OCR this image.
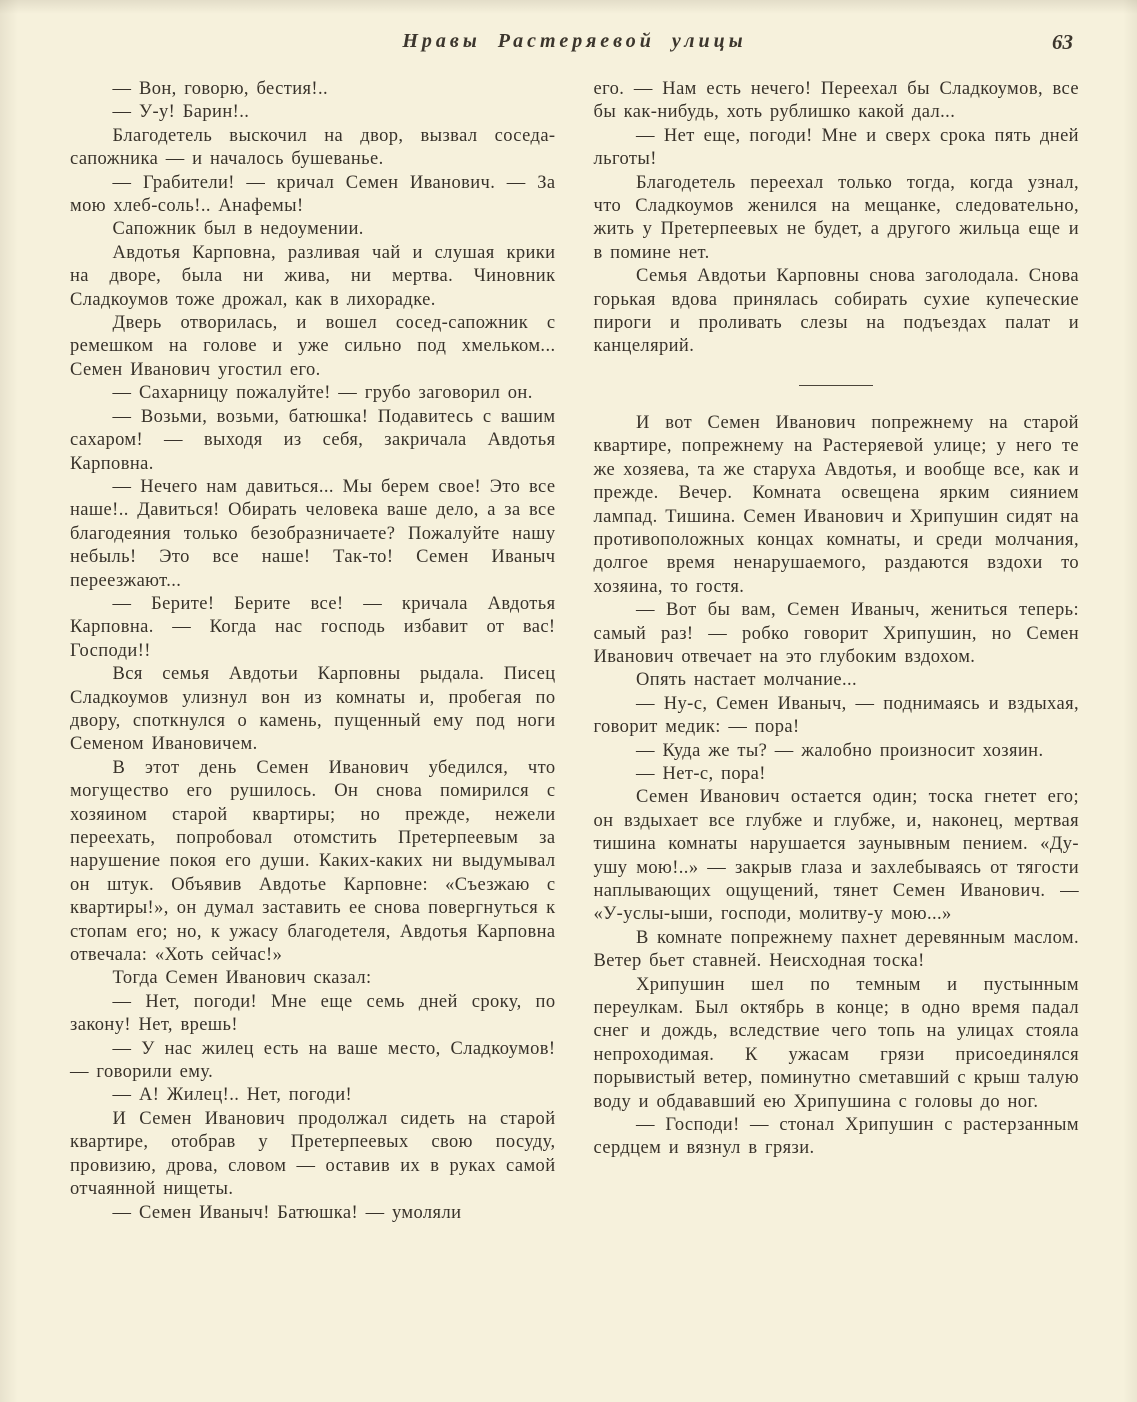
Нравы Растеряевой улицы	63

— Вон, говорю, бестия!..

— У-у! Барин!..

Благодетель выскочил на двор, вызвал соседа-сапожника — и началось бушеванье.

— Грабители! — кричал Семен Иванович. — За мою хлеб-соль!.. Анафемы!

Сапожник был в недоумении.

Авдотья Карповна, разливая чай и слушая крики на дворе, была ни жива, ни мертва. Чиновник Сладкоумов тоже дрожал, как в лихорадке.

Дверь отворилась, и вошел сосед-сапожник с ремешком на голове и уже сильно под хмельком... Семен Иванович угостил его.

— Сахарницу пожалуйте! — грубо заговорил он.

— Возьми, возьми, батюшка! Подавитесь с вашим сахаром! — выходя из себя, закричала Авдотья Карповна.

— Нечего нам давиться... Мы берем свое! Это все наше!.. Давиться! Обирать человека ваше дело, а за все благодеяния только безобразничаете? Пожалуйте нашу небыль! Это все наше! Так-то! Семен Иваныч переезжают...

— Берите! Берите все! — кричала Авдотья Карповна. — Когда нас господь избавит от вас! Господи!!

Вся семья Авдотьи Карповны рыдала. Писец Сладкоумов улизнул вон из комнаты и, пробегая по двору, споткнулся о камень, пущенный ему под ноги Семеном Ивановичем.

В этот день Семен Иванович убедился, что могущество его рушилось. Он снова помирился с хозяином старой квартиры; но прежде, нежели переехать, попробовал отомстить Претерпеевым за нарушение покоя его души. Каких-каких ни выдумывал он штук. Объявив Авдотье Карповне: «Съезжаю с квартиры!», он думал заставить ее снова повергнуться к стопам его; но, к ужасу благодетеля, Авдотья Карповна отвечала: «Хоть сейчас!»

Тогда Семен Иванович сказал:

— Нет, погоди! Мне еще семь дней сроку, по закону! Нет, врешь!

— У нас жилец есть на ваше место, Сладкоумов! — говорили ему.

— А! Жилец!.. Нет, погоди!

И Семен Иванович продолжал сидеть на старой квартире, отобрав у Претерпеевых свою посуду, провизию, дрова, словом — оставив их в руках самой отчаянной нищеты.

— Семен Иваныч! Батюшка! — умоляли

его. — Нам есть нечего! Переехал бы Сладкоумов, все бы как-нибудь, хоть рублишко какой дал...

— Нет еще, погоди! Мне и сверх срока пять дней льготы!

Благодетель переехал только тогда, когда узнал, что Сладкоумов женился на мещанке, следовательно, жить у Претерпеевых не будет, а другого жильца еще и в помине нет.

Семья Авдотьи Карповны снова заголодала. Снова горькая вдова принялась собирать сухие купеческие пироги и проливать слезы на подъездах палат и канцелярий.

И вот Семен Иванович попрежнему на старой квартире, попрежнему на Растеряевой улице; у него те же хозяева, та же старуха Авдотья, и вообще все, как и прежде. Вечер. Комната освещена ярким сиянием лампад. Тишина. Семен Иванович и Хрипушин сидят на противоположных концах комнаты, и среди молчания, долгое время ненарушаемого, раздаются вздохи то хозяина, то гостя.

— Вот бы вам, Семен Иваныч, жениться теперь: самый раз! — робко говорит Хрипушин, но Семен Иванович отвечает на это глубоким вздохом.

Опять настает молчание...

— Ну-с, Семен Иваныч, — поднимаясь и вздыхая, говорит медик: — пора!

— Куда же ты? — жалобно произносит хозяин.

— Нет-с, пора!

Семен Иванович остается один; тоска гнетет его; он вздыхает все глубже и глубже, и, наконец, мертвая тишина комнаты нарушается заунывным пением. «Ду-ушу мою!..» — закрыв глаза и захлебываясь от тягости наплывающих ощущений, тянет Семен Иванович. — «У-услы-ыши, господи, молитву-у мою...»

В комнате попрежнему пахнет деревянным маслом. Ветер бьет ставней. Неисходная тоска!

Хрипушин шел по темным и пустынным переулкам. Был октябрь в конце; в одно время падал снег и дождь, вследствие чего топь на улицах стояла непроходимая. К ужасам грязи присоединялся порывистый ветер, поминутно сметавший с крыш талую воду и обдававший ею Хрипушина с головы до ног.

— Господи! — стонал Хрипушин с растерзанным сердцем и вязнул в грязи.
